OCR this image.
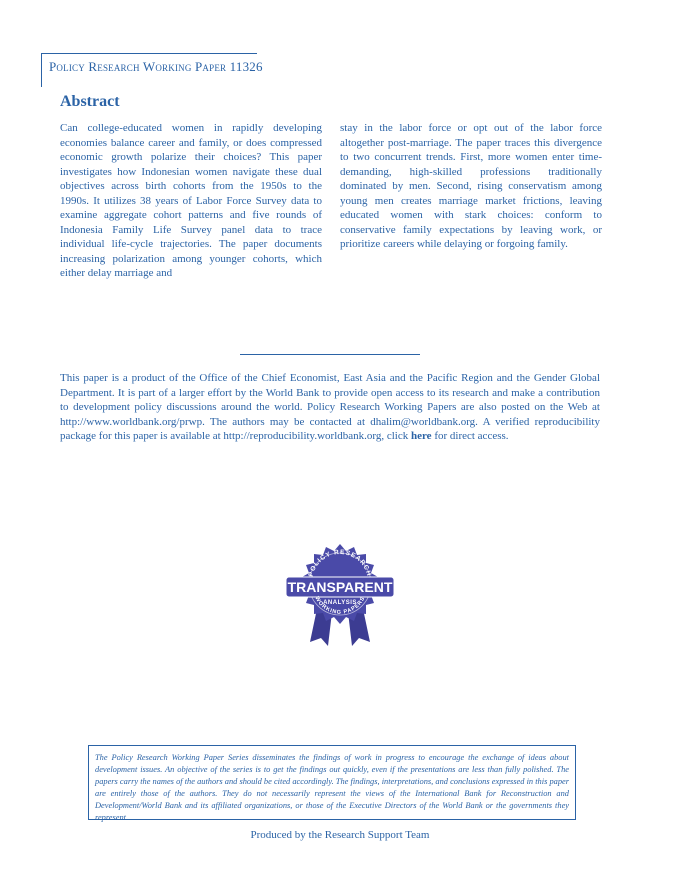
Policy Research Working Paper 11326
Abstract

Can college-educated women in rapidly developing economies balance career and family, or does compressed economic growth polarize their choices? This paper investigates how Indonesian women navigate these dual objectives across birth cohorts from the 1950s to the 1990s. It utilizes 38 years of Labor Force Survey data to examine aggregate cohort patterns and five rounds of Indonesia Family Life Survey panel data to trace individual life-cycle trajectories. The paper documents increasing polarization among younger cohorts, which either delay marriage and

stay in the labor force or opt out of the labor force altogether post-marriage. The paper traces this divergence to two concurrent trends. First, more women enter time-demanding, high-skilled professions traditionally dominated by men. Second, rising conservatism among young men creates marriage market frictions, leaving educated women with stark choices: conform to conservative family expectations by leaving work, or prioritize careers while delaying or forgoing family.

This paper is a product of the Office of the Chief Economist, East Asia and the Pacific Region and the Gender Global Department. It is part of a larger effort by the World Bank to provide open access to its research and make a contribution to development policy discussions around the world. Policy Research Working Papers are also posted on the Web at http://www.worldbank.org/prwp. The authors may be contacted at dhalim@worldbank.org. A verified reproducibility package for this paper is available at http://reproducibility.worldbank.org, click here for direct access.

POLICY RESEARCH
TRANSPARENT
ANALYSIS
WORKING PAPERS

The Policy Research Working Paper Series disseminates the findings of work in progress to encourage the exchange of ideas about development issues. An objective of the series is to get the findings out quickly, even if the presentations are less than fully polished. The papers carry the names of the authors and should be cited accordingly. The findings, interpretations, and conclusions expressed in this paper are entirely those of the authors. They do not necessarily represent the views of the International Bank for Reconstruction and Development/World Bank and its affiliated organizations, or those of the Executive Directors of the World Bank or the governments they represent.

Produced by the Research Support Team
